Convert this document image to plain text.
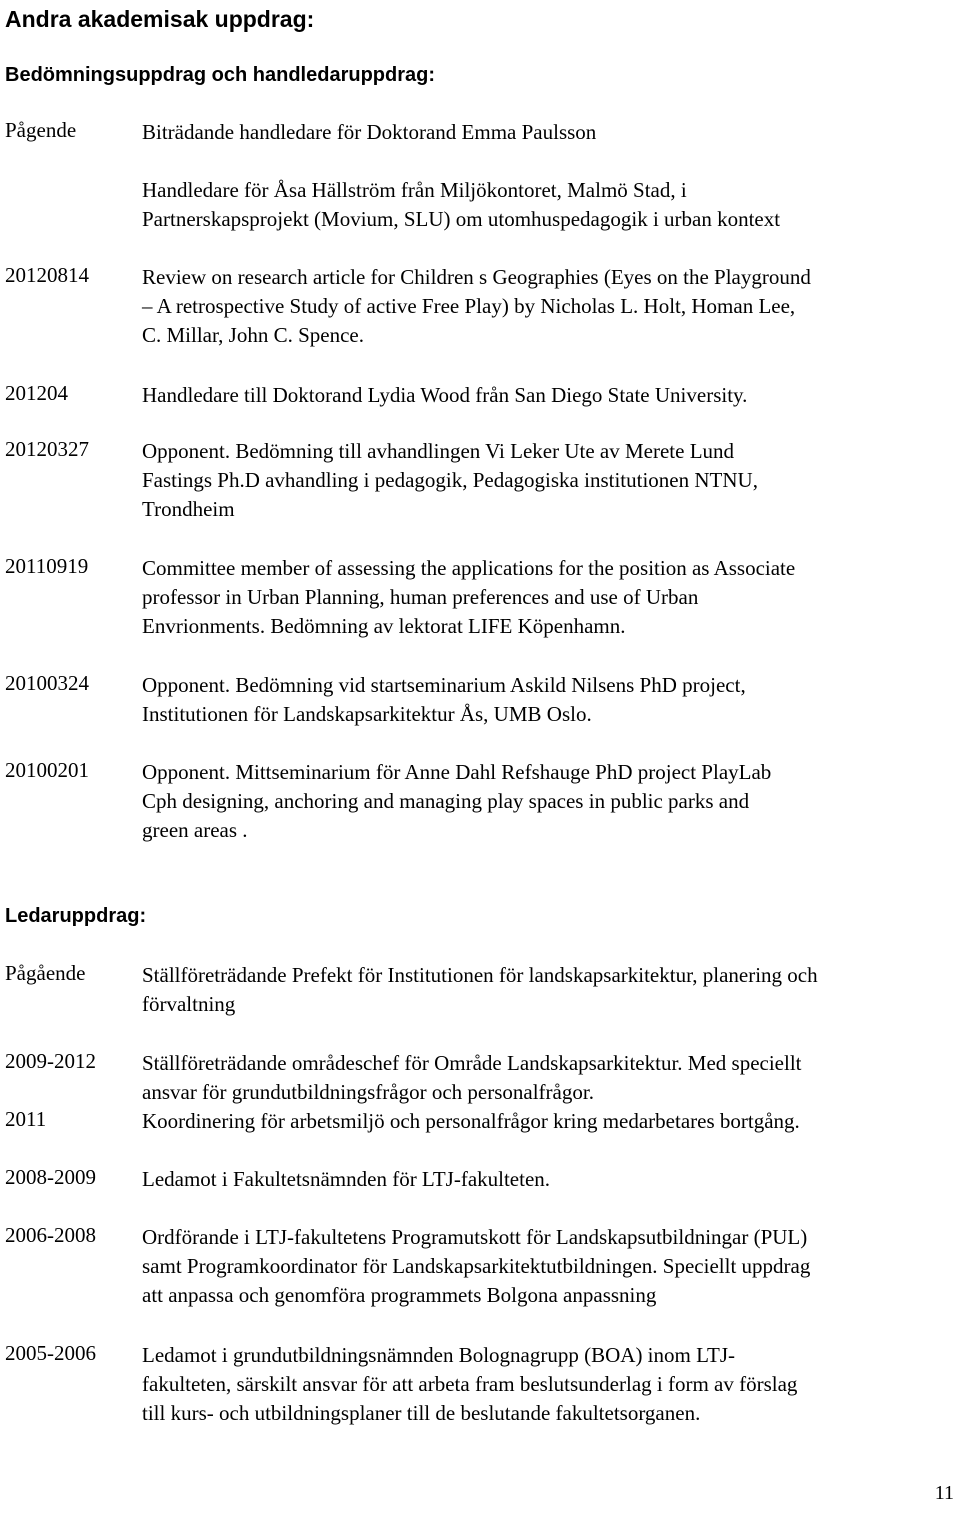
Andra akademisak uppdrag:
Bedömningsuppdrag och handledaruppdrag:
Pågende	Biträdande handledare för Doktorand Emma Paulsson
Handledare för Åsa Hällström från Miljökontoret, Malmö Stad, i
Partnerskapsprojekt (Movium, SLU) om utomhuspedagogik i urban kontext
20120814	Review on research article for Children s Geographies (Eyes on the Playground
– A retrospective Study of active Free Play) by Nicholas L. Holt, Homan Lee,
C. Millar, John C. Spence.
201204	Handledare till Doktorand Lydia Wood från San Diego State University.
20120327	Opponent. Bedömning till avhandlingen Vi Leker Ute av Merete Lund
Fastings Ph.D avhandling i pedagogik, Pedagogiska institutionen NTNU,
Trondheim
20110919	Committee member of assessing the applications for the position as Associate
professor in Urban Planning, human preferences and use of Urban
Envrionments. Bedömning av lektorat LIFE Köpenhamn.
20100324	Opponent. Bedömning vid startseminarium Askild Nilsens PhD project,
Institutionen för Landskapsarkitektur Ås, UMB Oslo.
20100201	Opponent. Mittseminarium för Anne Dahl Refshauge PhD project PlayLab
Cph designing, anchoring and managing play spaces in public parks and
green areas .
Ledaruppdrag:
Pågående	Ställföreträdande Prefekt för Institutionen för landskapsarkitektur, planering och
förvaltning
2009-2012 Ställföreträdande områdeschef för Område Landskapsarkitektur. Med speciellt
ansvar för grundutbildningsfrågor och personalfrågor.
2011	Koordinering för arbetsmiljö och personalfrågor kring medarbetares bortgång.
2008-2009 Ledamot i Fakultetsnämnden för LTJ-fakulteten.
2006-2008 Ordförande i LTJ-fakultetens Programutskott för Landskapsutbildningar (PUL)
samt Programkoordinator för Landskapsarkitektutbildningen. Speciellt uppdrag
att anpassa och genomföra programmets Bolgona anpassning
2005-2006 Ledamot i grundutbildningsnämnden Bolognagrupp (BOA) inom LTJ-
fakulteten, särskilt ansvar för att arbeta fram beslutsunderlag i form av förslag
till kurs- och utbildningsplaner till de beslutande fakultetsorganen.
11
